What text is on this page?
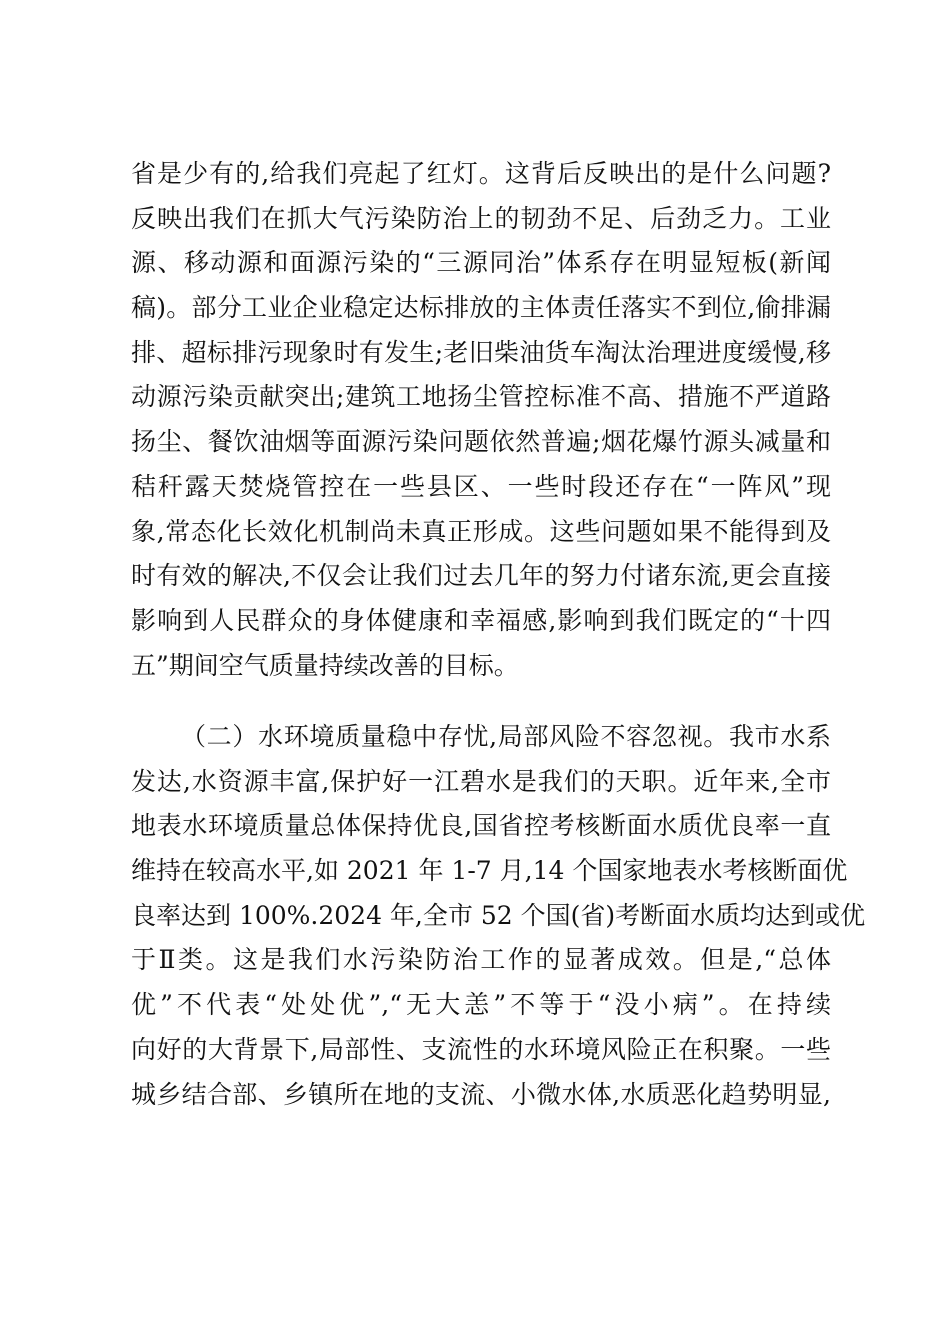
省是少有的,给我们亮起了红灯。这背后反映出的是什么问题?
反映出我们在抓大气污染防治上的韧劲不足、后劲乏力。工业
源、移动源和面源污染的“三源同治”体系存在明显短板(新闻
稿)。部分工业企业稳定达标排放的主体责任落实不到位,偷排漏
排、超标排污现象时有发生;老旧柴油货车淘汰治理进度缓慢,移
动源污染贡献突出;建筑工地扬尘管控标准不高、措施不严道路
扬尘、餐饮油烟等面源污染问题依然普遍;烟花爆竹源头减量和
秸秆露天焚烧管控在一些县区、一些时段还存在“一阵风”现
象,常态化长效化机制尚未真正形成。这些问题如果不能得到及
时有效的解决,不仅会让我们过去几年的努力付诸东流,更会直接
影响到人民群众的身体健康和幸福感,影响到我们既定的“十四
五”期间空气质量持续改善的目标。
（二）水环境质量稳中存忧,局部风险不容忽视。我市水系
发达,水资源丰富,保护好一江碧水是我们的天职。近年来,全市
地表水环境质量总体保持优良,国省控考核断面水质优良率一直
维持在较高水平,如 2021 年 1-7 月,14 个国家地表水考核断面优
良率达到 100%.2024 年,全市 52 个国(省)考断面水质均达到或优
于Ⅱ类。这是我们水污染防治工作的显著成效。但是,“总体
优”不代表“处处优”,“无大恙”不等于“没小病”。在持续
向好的大背景下,局部性、支流性的水环境风险正在积聚。一些
城乡结合部、乡镇所在地的支流、小微水体,水质恶化趋势明显,
